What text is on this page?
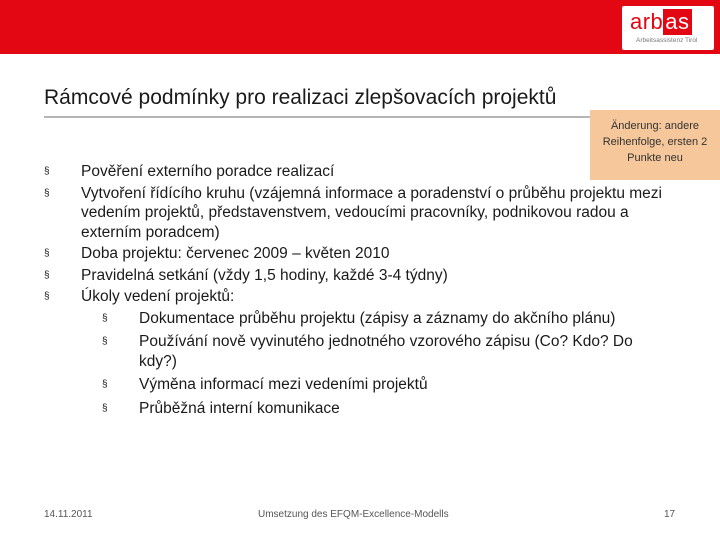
arbas
Arbeitsassistenz Tirol
Rámcové podmínky pro realizaci zlepšovacích projektů
Änderung: andere Reihenfolge, ersten 2 Punkte neu
§ Pověření externího poradce realizací
§ Vytvoření řídícího kruhu (vzájemná informace a poradenství o průběhu projektu mezi vedením projektů, představenstvem, vedoucími pracovníky, podnikovou radou a externím poradcem)
§ Doba projektu: červenec 2009 – květen 2010
§ Pravidelná setkání (vždy 1,5 hodiny, každé 3-4 týdny)
§ Úkoly vedení projektů:
§ Dokumentace průběhu projektu (zápisy a záznamy do akčního plánu)
§ Používání nově vyvinutého jednotného vzorového zápisu (Co? Kdo? Do kdy?)
§ Výměna informací mezi vedeními projektů
§ Průběžná interní komunikace
14.11.2011	Umsetzung des EFQM-Excellence-Modells	17
